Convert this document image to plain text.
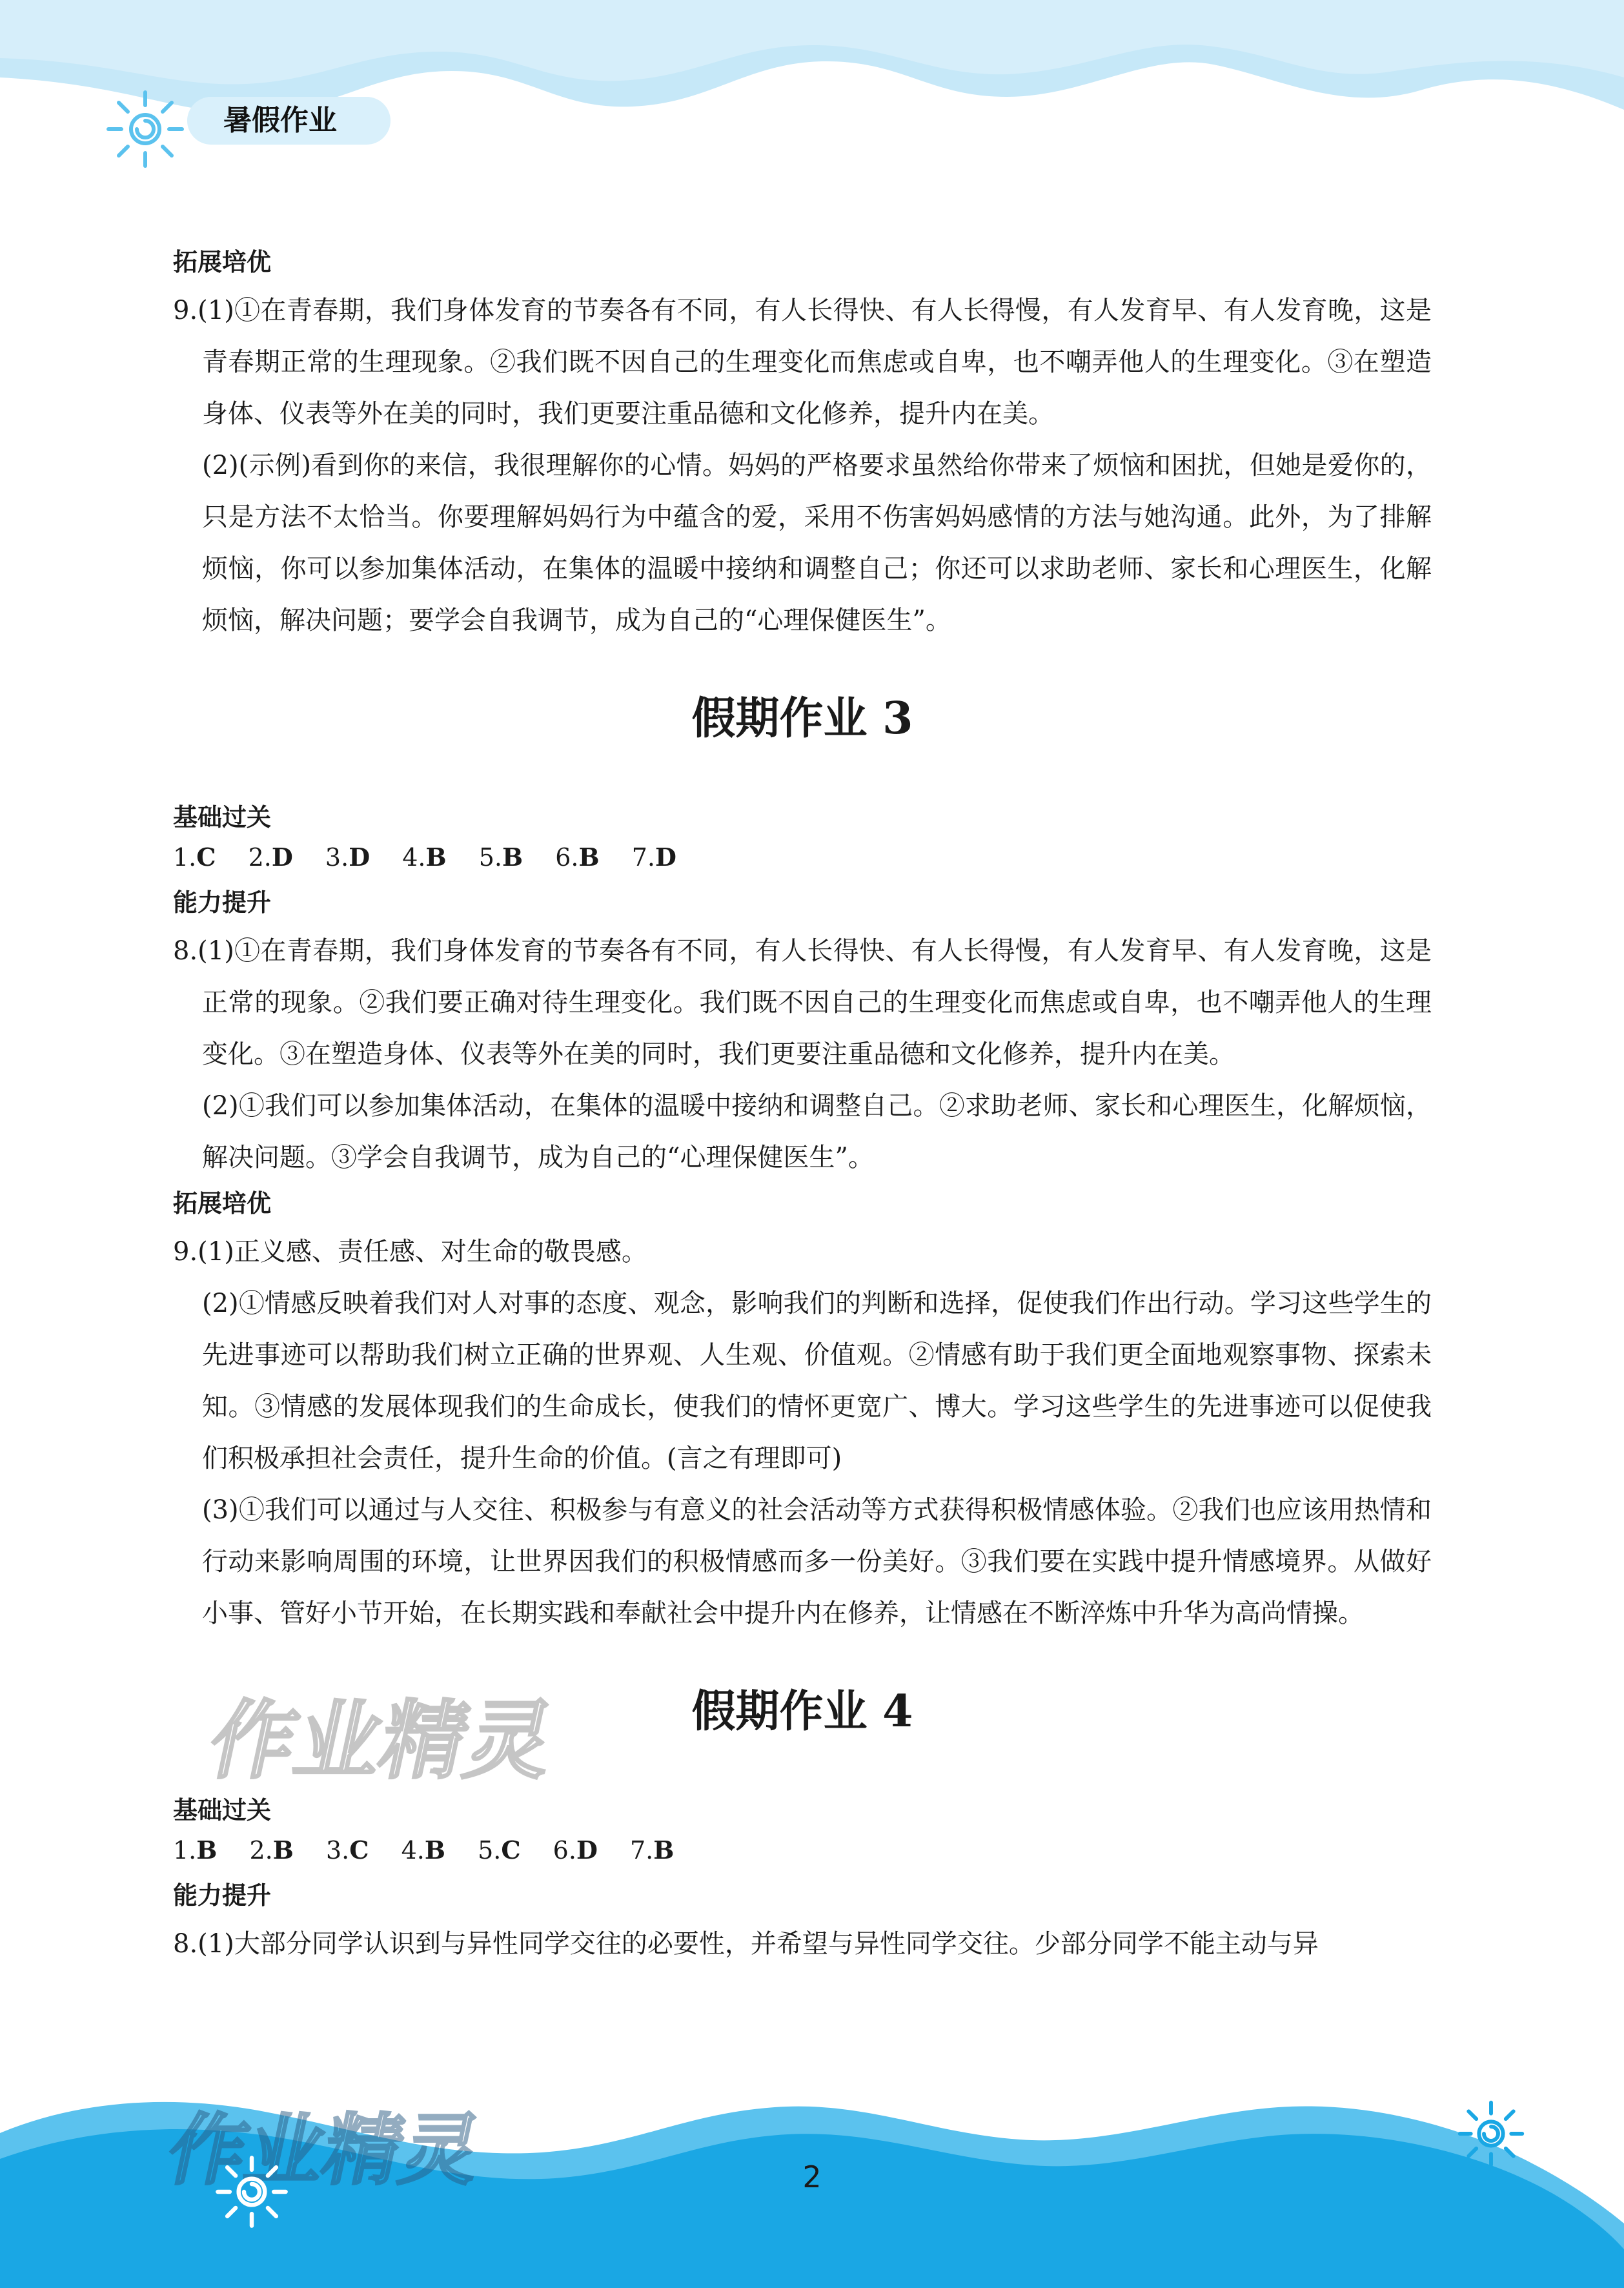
暑假作业
拓展培优
9.(1)①在青春期，我们身体发育的节奏各有不同，有人长得快、有人长得慢，有人发育早、有人发育晚，这是青春期正常的生理现象。②我们既不因自己的生理变化而焦虑或自卑，也不嘲弄他人的生理变化。③在塑造身体、仪表等外在美的同时，我们更要注重品德和文化修养，提升内在美。
(2)(示例)看到你的来信，我很理解你的心情。妈妈的严格要求虽然给你带来了烦恼和困扰，但她是爱你的，只是方法不太恰当。你要理解妈妈行为中蕴含的爱，采用不伤害妈妈感情的方法与她沟通。此外，为了排解烦恼，你可以参加集体活动，在集体的温暖中接纳和调整自己；你还可以求助老师、家长和心理医生，化解烦恼，解决问题；要学会自我调节，成为自己的“心理保健医生”。
假期作业 3
基础过关
1.C 2.D 3.D 4.B 5.B 6.B 7.D
能力提升
8.(1)①在青春期，我们身体发育的节奏各有不同，有人长得快、有人长得慢，有人发育早、有人发育晚，这是正常的现象。②我们要正确对待生理变化。我们既不因自己的生理变化而焦虑或自卑，也不嘲弄他人的生理变化。③在塑造身体、仪表等外在美的同时，我们更要注重品德和文化修养，提升内在美。
(2)①我们可以参加集体活动，在集体的温暖中接纳和调整自己。②求助老师、家长和心理医生，化解烦恼，解决问题。③学会自我调节，成为自己的“心理保健医生”。
拓展培优
9.(1)正义感、责任感、对生命的敬畏感。
(2)①情感反映着我们对人对事的态度、观念，影响我们的判断和选择，促使我们作出行动。学习这些学生的先进事迹可以帮助我们树立正确的世界观、人生观、价值观。②情感有助于我们更全面地观察事物、探索未知。③情感的发展体现我们的生命成长，使我们的情怀更宽广、博大。学习这些学生的先进事迹可以促使我们积极承担社会责任，提升生命的价值。(言之有理即可)
(3)①我们可以通过与人交往、积极参与有意义的社会活动等方式获得积极情感体验。②我们也应该用热情和行动来影响周围的环境，让世界因我们的积极情感而多一份美好。③我们要在实践中提升情感境界。从做好小事、管好小节开始，在长期实践和奉献社会中提升内在修养，让情感在不断淬炼中升华为高尚情操。
假期作业 4
基础过关
1.B 2.B 3.C 4.B 5.C 6.D 7.B
能力提升
8.(1)大部分同学认识到与异性同学交往的必要性，并希望与异性同学交往。少部分同学不能主动与异
作业精灵
2
作业精灵
